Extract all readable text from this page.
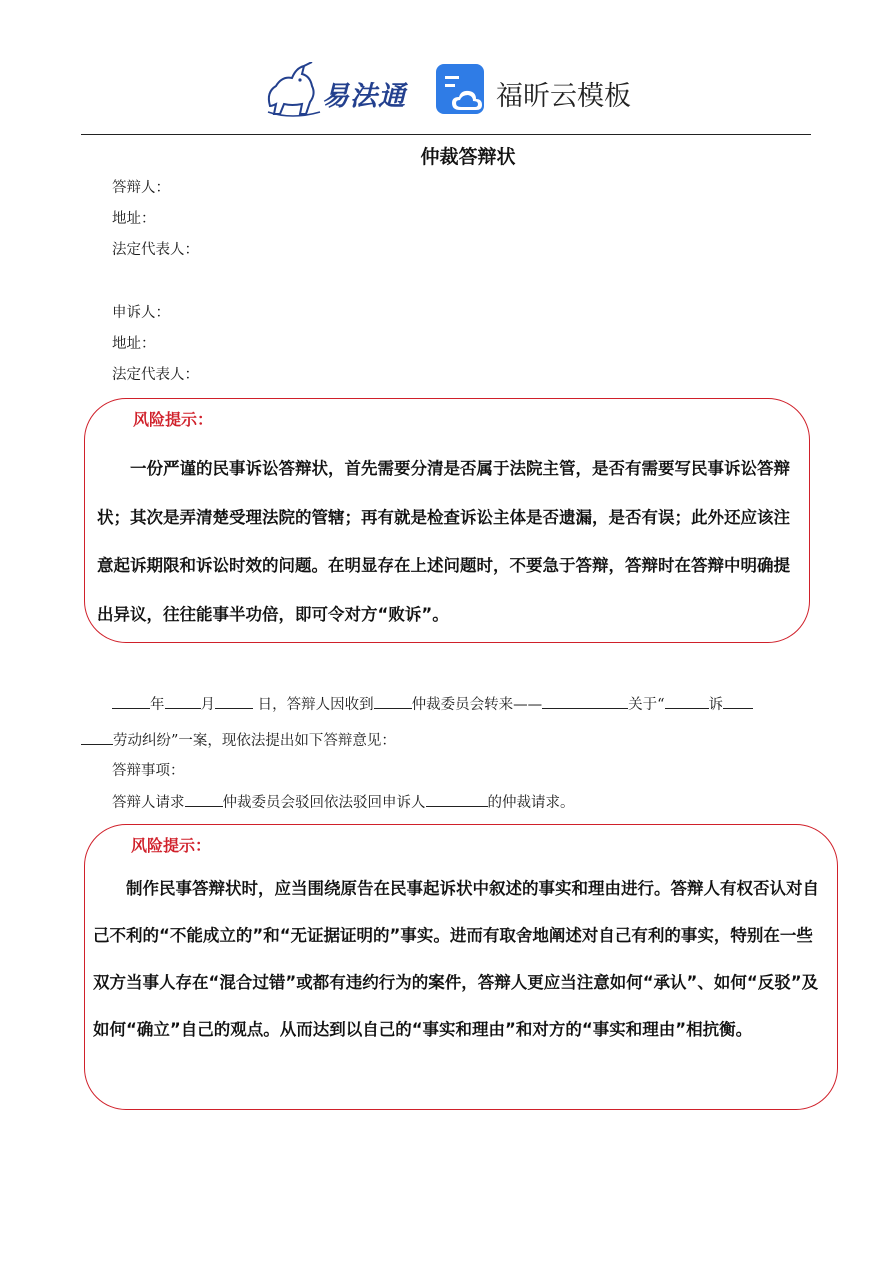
易法通	福昕云模板
仲裁答辩状
答辩人：
地址：
法定代表人：
申诉人：
地址：
法定代表人：
风险提示：
一份严谨的民事诉讼答辩状，首先需要分清是否属于法院主管，是否有需要写民事诉讼答辩状；其次是弄清楚受理法院的管辖；再有就是检查诉讼主体是否遗漏，是否有误；此外还应该注意起诉期限和诉讼时效的问题。在明显存在上述问题时，不要急于答辩，答辩时在答辩中明确提出异议，往往能事半功倍，即可令对方“败诉”。
年 月	日，答辩人因收到	仲裁委员会转来——	关于“	诉
劳动纠纷”一案，现依法提出如下答辩意见：
答辩事项：
答辩人请求	仲裁委员会驳回依法驳回申诉人	的仲裁请求。
风险提示：
制作民事答辩状时，应当围绕原告在民事起诉状中叙述的事实和理由进行。答辩人有权否认对自己不利的“不能成立的”和“无证据证明的”事实。进而有取舍地阐述对自己有利的事实，特别在一些双方当事人存在“混合过错”或都有违约行为的案件，答辩人更应当注意如何“承认”、如何“反驳”及如何“确立”自己的观点。从而达到以自己的“事实和理由”和对方的“事实和理由”相抗衡。
